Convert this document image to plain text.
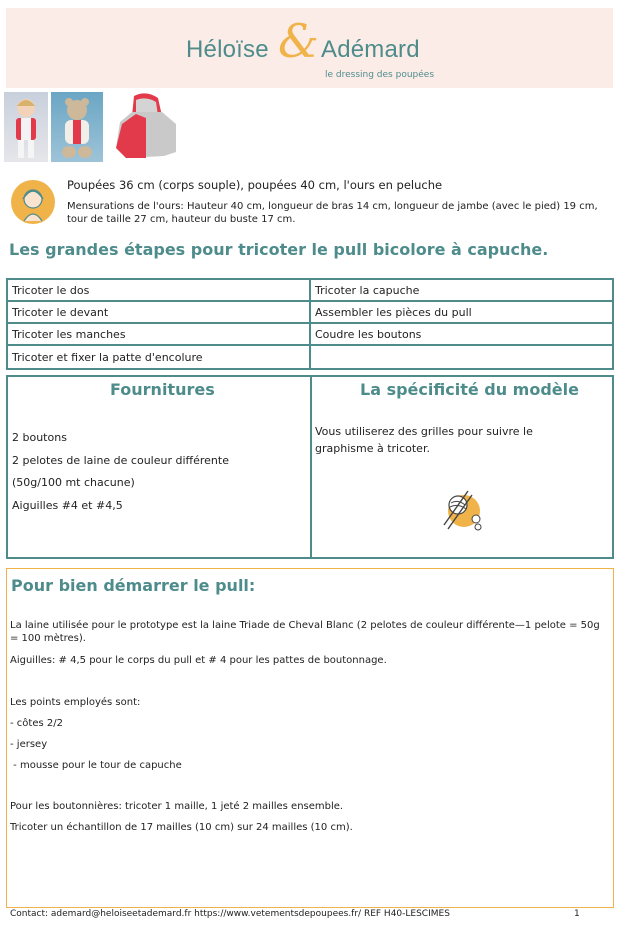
Héloïse & Adémard
le dressing des poupées
Poupées 36 cm (corps souple), poupées 40 cm, l'ours en peluche
Mensurations de l'ours: Hauteur 40 cm, longueur de bras 14 cm, longueur de jambe (avec le pied) 19 cm, tour de taille 27 cm, hauteur du buste 17 cm.
Les grandes étapes pour tricoter le pull bicolore à capuche.
Tricoter le dos	Tricoter la capuche
Tricoter le devant	Assembler les pièces du pull
Tricoter les manches	Coudre les boutons
Tricoter et fixer la patte d'encolure	
Fournitures
2 boutons
2 pelotes de laine de couleur différente
(50g/100 mt chacune)
Aiguilles #4 et #4,5
La spécificité du modèle
Vous utiliserez des grilles pour suivre le graphisme à tricoter.
Pour bien démarrer le pull:
La laine utilisée pour le prototype est la laine Triade de Cheval Blanc (2 pelotes de couleur différente—1 pelote = 50g = 100 mètres).
Aiguilles: # 4,5 pour le corps du pull et # 4 pour les pattes de boutonnage.
Les points employés sont:
- côtes 2/2
- jersey
- mousse pour le tour de capuche
Pour les boutonnières: tricoter 1 maille, 1 jeté 2 mailles ensemble.
Tricoter un échantillon de 17 mailles (10 cm) sur 24 mailles (10 cm).
Contact: ademard@heloiseetademard.fr https://www.vetementsdepoupees.fr/ REF H40-LESCIMES	1
